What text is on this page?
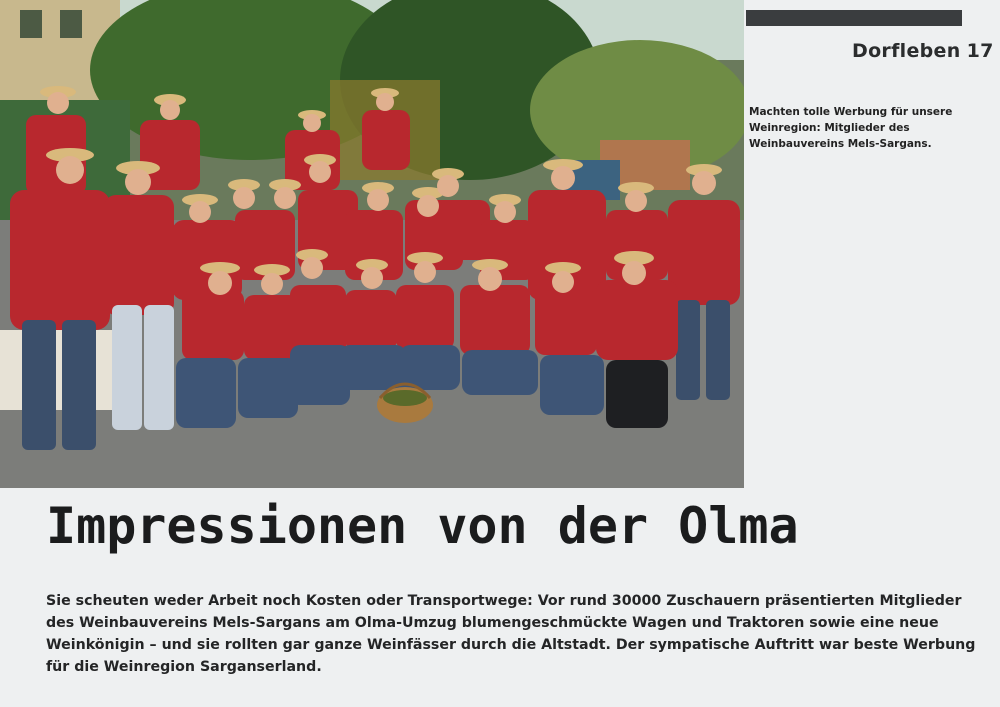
Dorfleben 17
Machten tolle Werbung für unsere Weinregion: Mitglieder des Weinbauvereins Mels-Sargans.
Impressionen von der Olma

Sie scheuten weder Arbeit noch Kosten oder Transportwege: Vor rund 30000 Zuschauern präsentierten Mitglieder des Weinbauvereins Mels-Sargans am Olma-Umzug blumengeschmückte Wagen und Traktoren sowie eine neue Weinkönigin – und sie rollten gar ganze Weinfässer durch die Altstadt. Der sympatische Auftritt war beste Werbung für die Weinregion Sarganserland.
